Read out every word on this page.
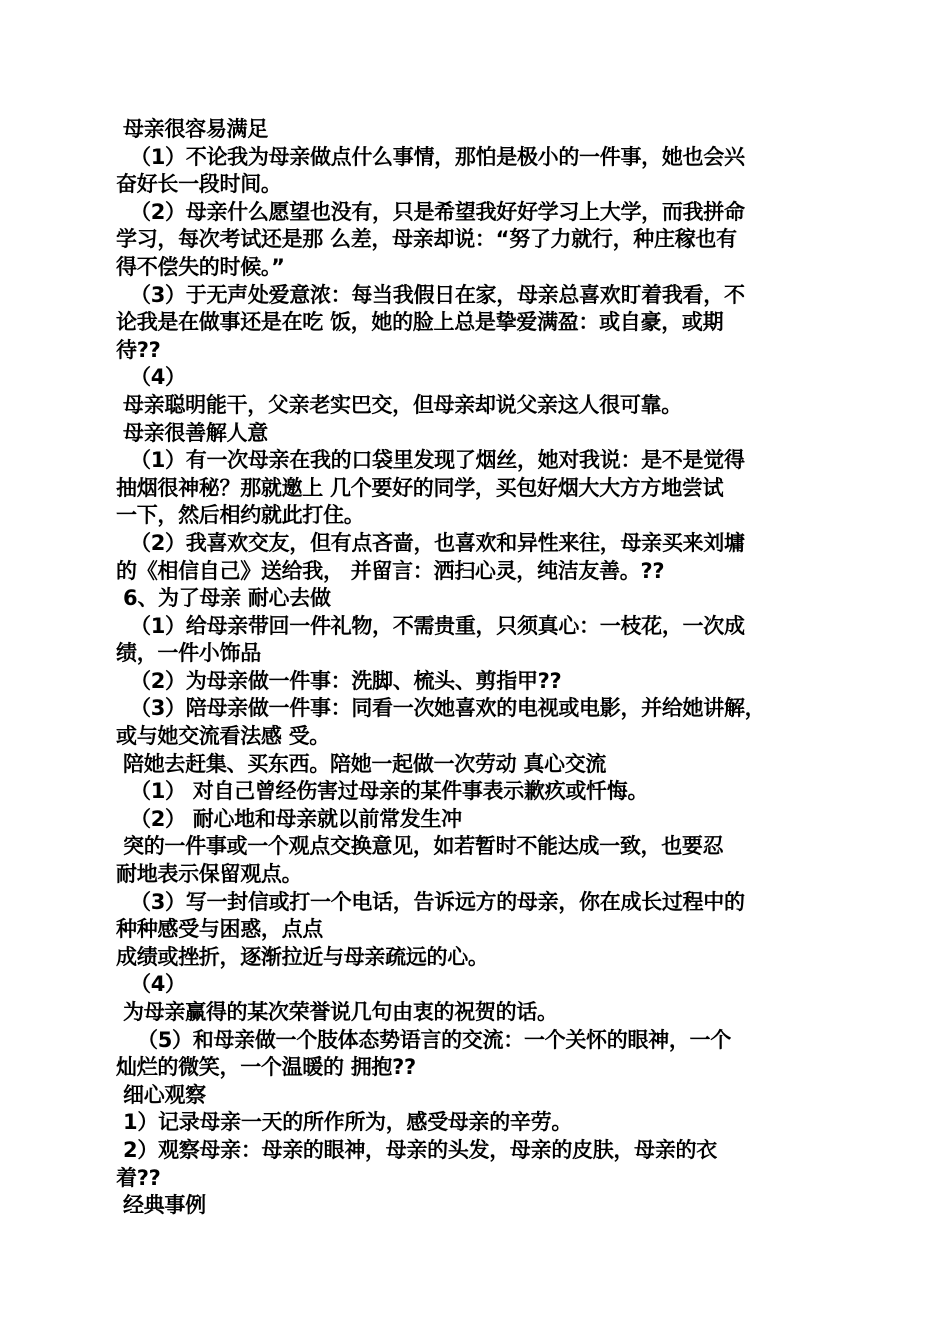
母亲很容易满足

（1）不论我为母亲做点什么事情，那怕是极小的一件事，她也会兴

奋好长一段时间。

（2）母亲什么愿望也没有，只是希望我好好学习上大学，而我拼命

学习，每次考试还是那 么差，母亲却说：“努了力就行，种庄稼也有

得不偿失的时候。”

（3）于无声处爱意浓：每当我假日在家，母亲总喜欢盯着我看，不

论我是在做事还是在吃 饭，她的脸上总是挚爱满盈：或自豪，或期

待??

（4）

母亲聪明能干，父亲老实巴交，但母亲却说父亲这人很可靠。

母亲很善解人意

（1）有一次母亲在我的口袋里发现了烟丝，她对我说：是不是觉得

抽烟很神秘？那就邀上 几个要好的同学，买包好烟大大方方地尝试

一下，然后相约就此打住。

（2）我喜欢交友，但有点吝啬，也喜欢和异性来往，母亲买来刘墉

的《相信自己》送给我， 并留言：洒扫心灵，纯洁友善。??

6、为了母亲 耐心去做

（1）给母亲带回一件礼物，不需贵重，只须真心：一枝花，一次成

绩，一件小饰品

（2）为母亲做一件事：洗脚、梳头、剪指甲??

（3）陪母亲做一件事：同看一次她喜欢的电视或电影，并给她讲解，

或与她交流看法感 受。

陪她去赶集、买东西。陪她一起做一次劳动 真心交流

（1） 对自己曾经伤害过母亲的某件事表示歉疚或忏悔。

（2） 耐心地和母亲就以前常发生冲

突的一件事或一个观点交换意见，如若暂时不能达成一致，也要忍

耐地表示保留观点。

（3）写一封信或打一个电话，告诉远方的母亲，你在成长过程中的

种种感受与困惑，点点

成绩或挫折，逐渐拉近与母亲疏远的心。

（4）

为母亲赢得的某次荣誉说几句由衷的祝贺的话。

（5）和母亲做一个肢体态势语言的交流：一个关怀的眼神，一个

灿烂的微笑，一个温暖的 拥抱??

细心观察

1）记录母亲一天的所作所为，感受母亲的辛劳。

2）观察母亲：母亲的眼神，母亲的头发，母亲的皮肤，母亲的衣

着??

经典事例
